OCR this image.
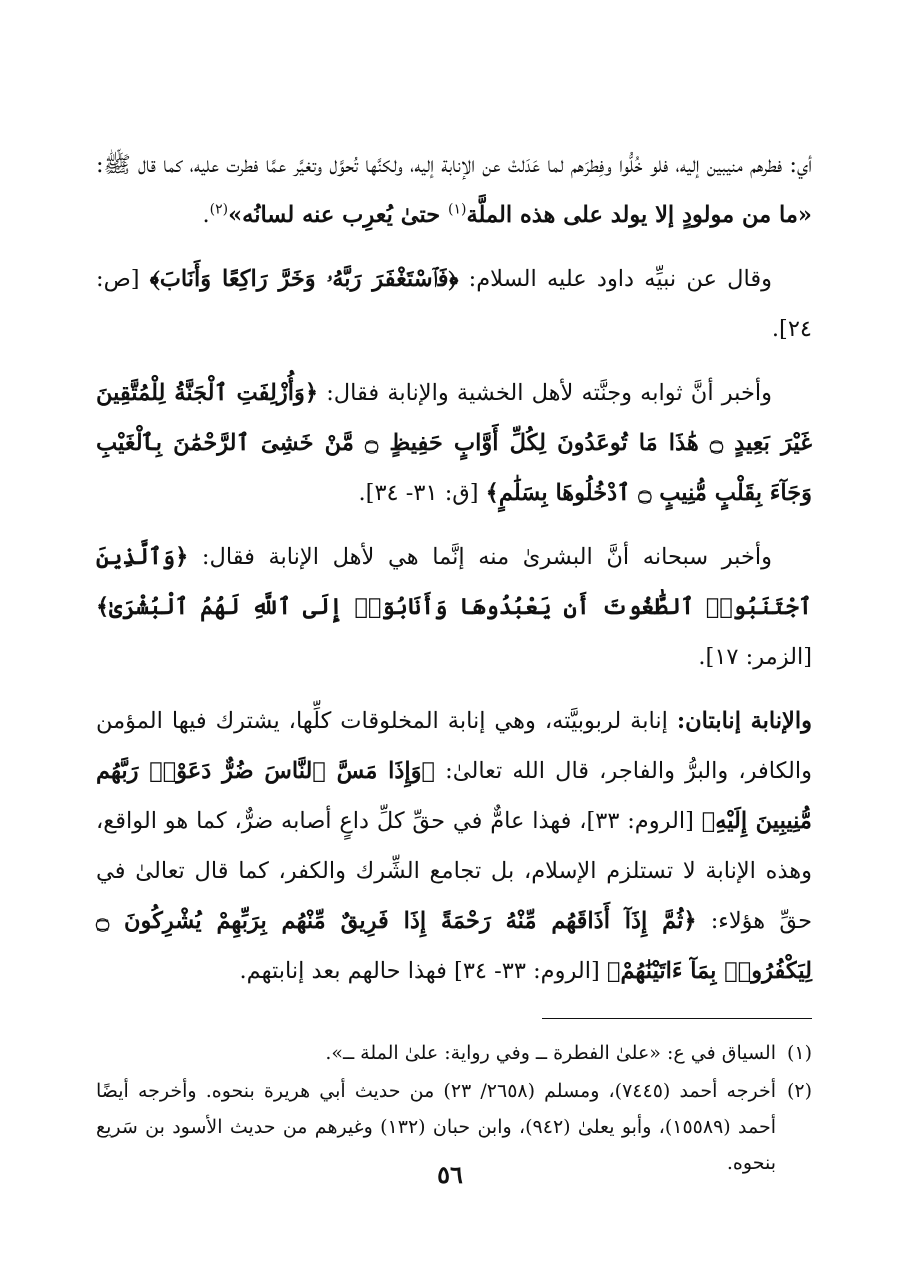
أي: فطرهم منيبين إليه، فلو خُلُّوا وفِطرَهم لما عَدَلتْ عن الإنابة إليه، ولكنَّها تُحوَّل وتغيَّر عمَّا فطرت عليه، كما قال ﷺ: «ما من مولودٍ إلا يولد على هذه الملَّة$^{(١)}$ حتىٰ يُعرِب عنه لسانُه»$^{(٢)}$.

وقال عن نبيِّه داود عليه السلام: ﴿فَٱسْتَغْفَرَ رَبَّهُۥ وَخَرَّ رَاكِعًا وَأَنَابَ﴾ [ص: ٢٤].

وأخبر أنَّ ثوابه وجنَّته لأهل الخشية والإنابة فقال: ﴿وَأُزْلِفَتِ ٱلْجَنَّةُ لِلْمُتَّقِينَ غَيْرَ بَعِيدٍ ۝ هَٰذَا مَا تُوعَدُونَ لِكُلِّ أَوَّابٍ حَفِيظٍ ۝ مَّنْ خَشِىَ ٱلرَّحْمَٰنَ بِٱلْغَيْبِ وَجَآءَ بِقَلْبٍ مُّنِيبٍ ۝ ٱدْخُلُوهَا بِسَلَٰمٍ﴾ [ق: ٣١- ٣٤].

وأخبر سبحانه أنَّ البشرىٰ منه إنَّما هي لأهل الإنابة فقال: ﴿وَٱلَّذِينَ ٱجْتَنَبُوا۟ ٱلطَّٰغُوتَ أَن يَعْبُدُوهَا وَأَنَابُوٓا۟ إِلَى ٱللَّهِ لَهُمُ ٱلْبُشْرَىٰ﴾ [الزمر: ١٧].

والإنابة إنابتان: إنابة لربوبيَّته، وهي إنابة المخلوقات كلِّها، يشترك فيها المؤمن والكافر، والبرُّ والفاجر، قال الله تعالىٰ: ﴿وَإِذَا مَسَّ ٱلنَّاسَ ضُرٌّ دَعَوْا۟ رَبَّهُم مُّنِيبِينَ إِلَيْهِ﴾ [الروم: ٣٣]، فهذا عامٌّ في حقِّ كلِّ داعٍ أصابه ضرٌّ، كما هو الواقع، وهذه الإنابة لا تستلزم الإسلام، بل تجامع الشِّرك والكفر، كما قال تعالىٰ في حقِّ هؤلاء: ﴿ثُمَّ إِذَآ أَذَاقَهُم مِّنْهُ رَحْمَةً إِذَا فَرِيقٌ مِّنْهُم بِرَبِّهِمْ يُشْرِكُونَ ۝ لِيَكْفُرُوا۟ بِمَآ ءَاتَيْنَٰهُمْ﴾ [الروم: ٣٣- ٣٤] فهذا حالهم بعد إنابتهم.

(١)
السياق في ع: «علىٰ الفطرة ــ وفي رواية: علىٰ الملة ــ».
(٢)
أخرجه أحمد (٧٤٤٥)، ومسلم (٢٦٥٨/ ٢٣) من حديث أبي هريرة بنحوه. وأخرجه أيضًا أحمد (١٥٥٨٩)، وأبو يعلىٰ (٩٤٢)، وابن حبان (١٣٢) وغيرهم من حديث الأسود بن سَريع بنحوه.
٥٦
